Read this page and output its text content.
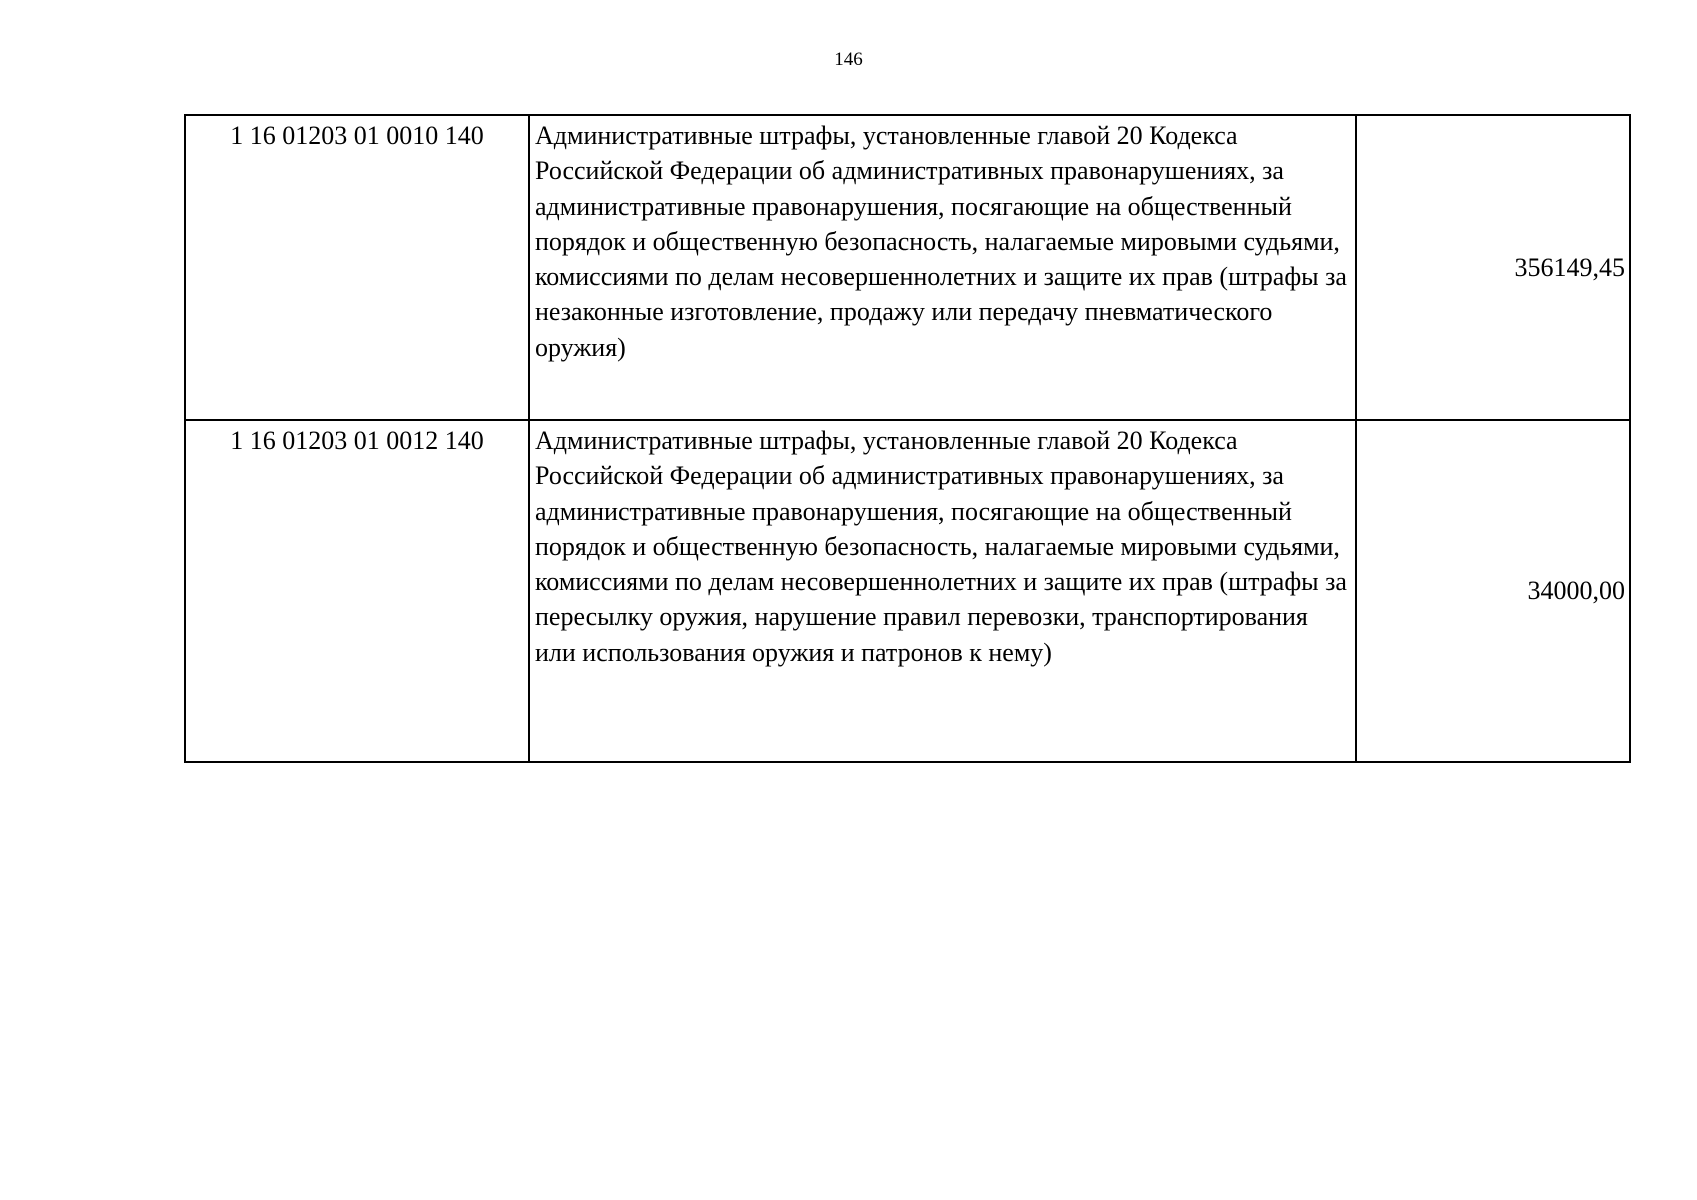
146
1 16 01203 01 0010 140	Административные штрафы, установленные главой 20 Кодекса Российской Федерации об административных правонарушениях, за административные правонарушения, посягающие на общественный порядок и общественную безопасность, налагаемые мировыми судьями, комиссиями по делам несовершеннолетних и защите их прав (штрафы за незаконные изготовление, продажу или передачу пневматического оружия)	356149,45
1 16 01203 01 0012 140	Административные штрафы, установленные главой 20 Кодекса Российской Федерации об административных правонарушениях, за административные правонарушения, посягающие на общественный порядок и общественную безопасность, налагаемые мировыми судьями, комиссиями по делам несовершеннолетних и защите их прав (штрафы за пересылку оружия, нарушение правил перевозки, транспортирования или использования оружия и патронов к нему)	34000,00
